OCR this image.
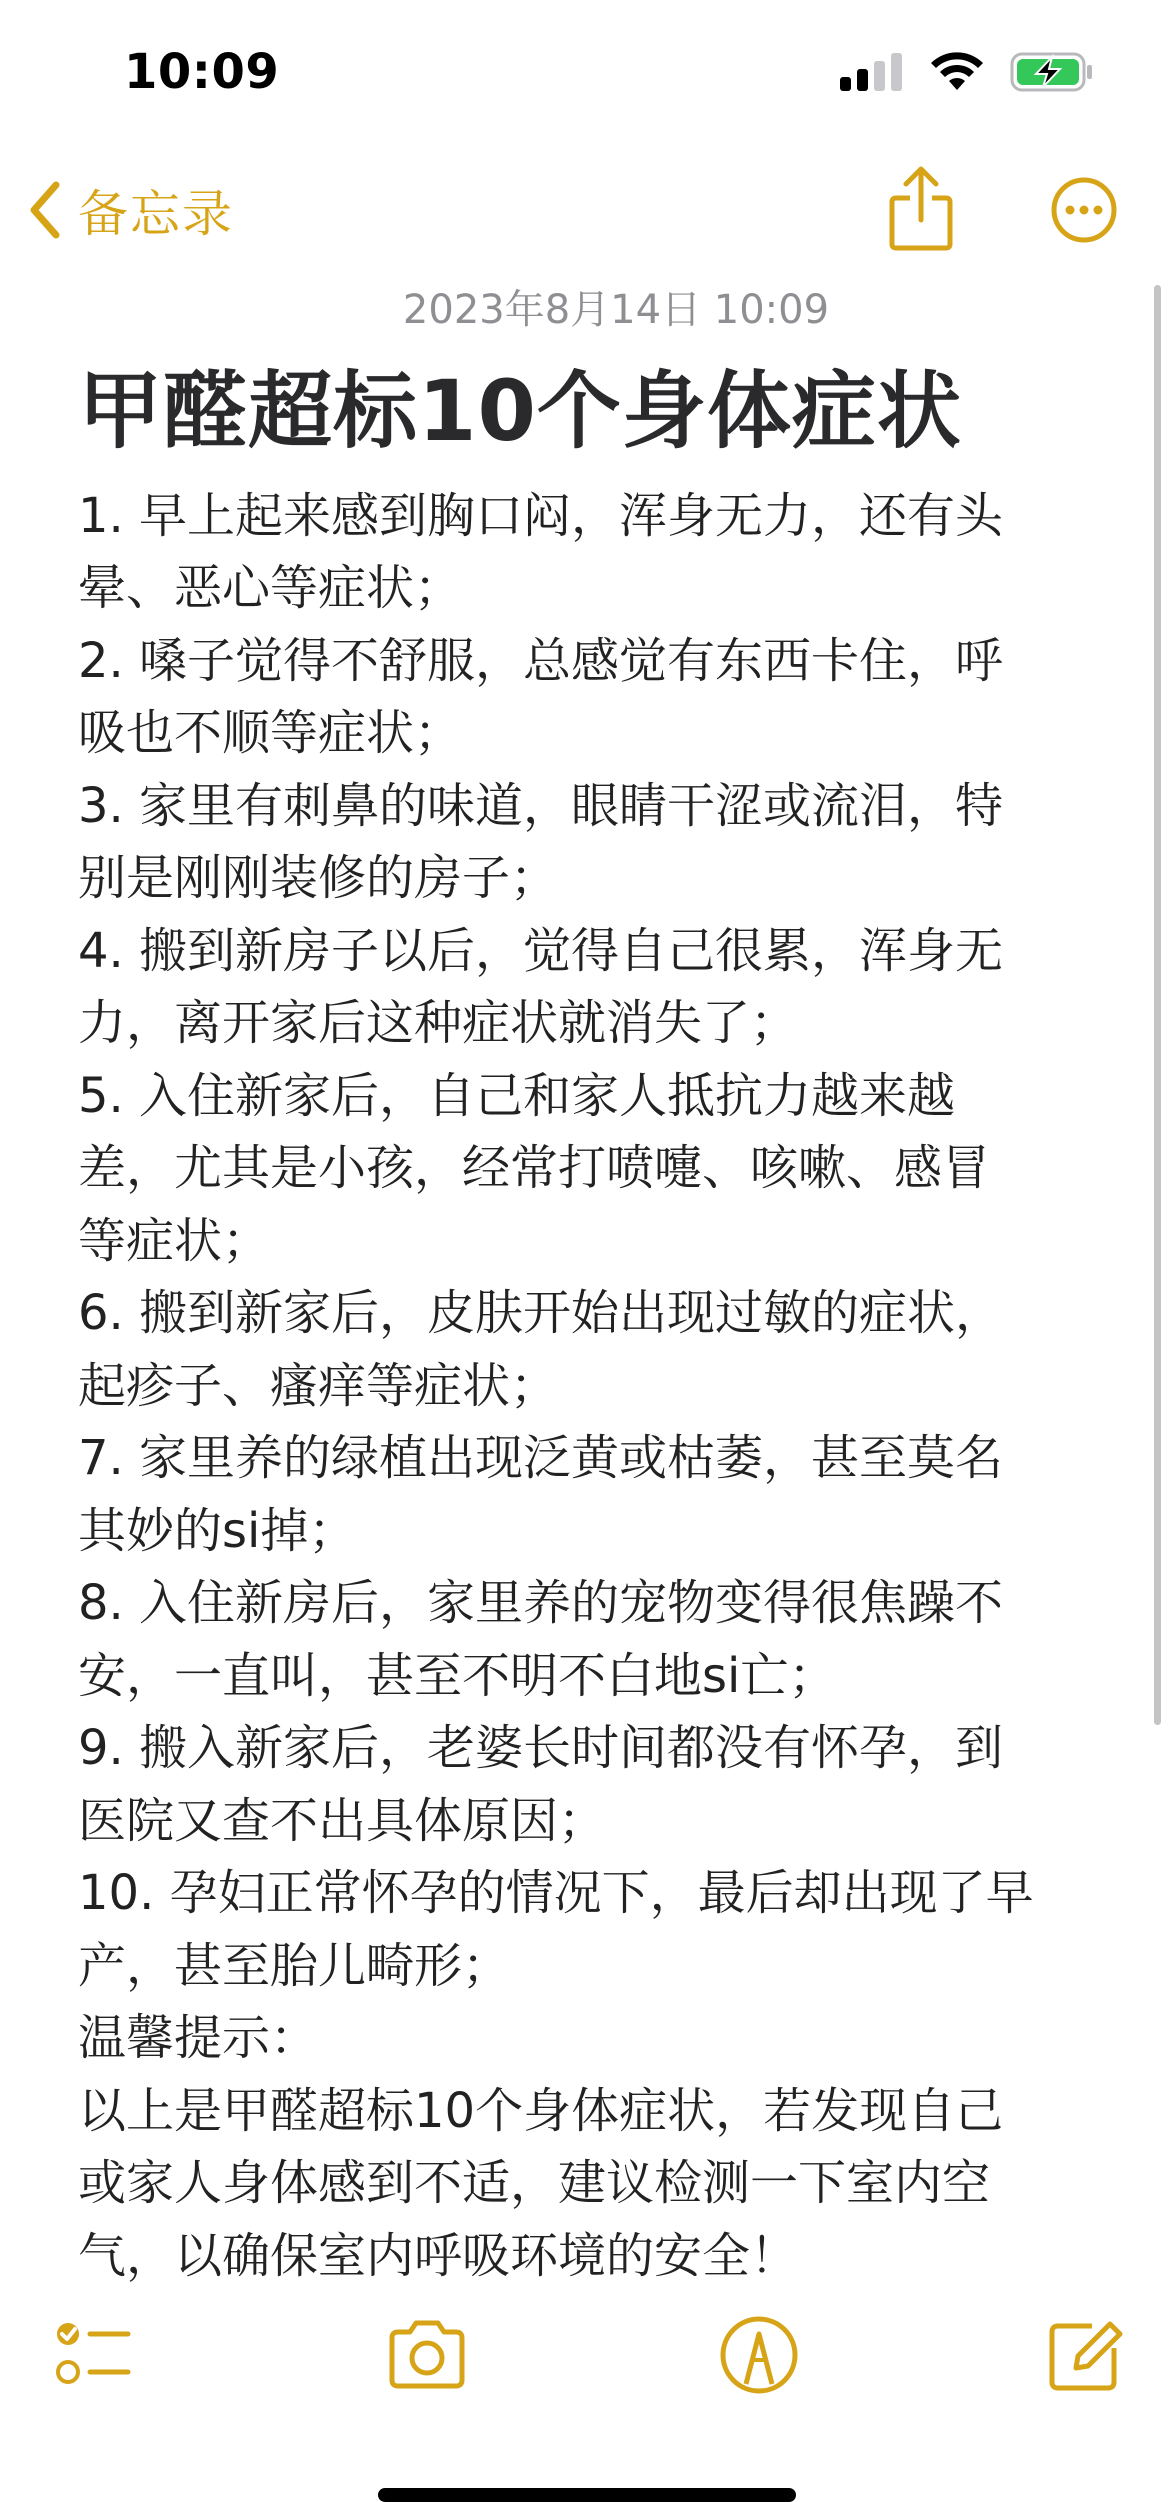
10:09
备忘录
2023年8月14日 10:09
甲醛超标10个身体症状
1. 早上起来感到胸口闷，浑身无力，还有头
晕、恶心等症状；
2. 嗓子觉得不舒服，总感觉有东西卡住，呼
吸也不顺等症状；
3. 家里有刺鼻的味道，眼睛干涩或流泪，特
别是刚刚装修的房子；
4. 搬到新房子以后，觉得自己很累，浑身无
力，离开家后这种症状就消失了；
5. 入住新家后，自己和家人抵抗力越来越
差，尤其是小孩，经常打喷嚏、咳嗽、感冒
等症状；
6. 搬到新家后，皮肤开始出现过敏的症状，
起疹子、瘙痒等症状；
7. 家里养的绿植出现泛黄或枯萎，甚至莫名
其妙的si掉；
8. 入住新房后，家里养的宠物变得很焦躁不
安，一直叫，甚至不明不白地si亡；
9. 搬入新家后，老婆长时间都没有怀孕，到
医院又查不出具体原因；
10. 孕妇正常怀孕的情况下，最后却出现了早
产，甚至胎儿畸形；
温馨提示：
以上是甲醛超标10个身体症状，若发现自己
或家人身体感到不适，建议检测一下室内空
气，以确保室内呼吸环境的安全！
